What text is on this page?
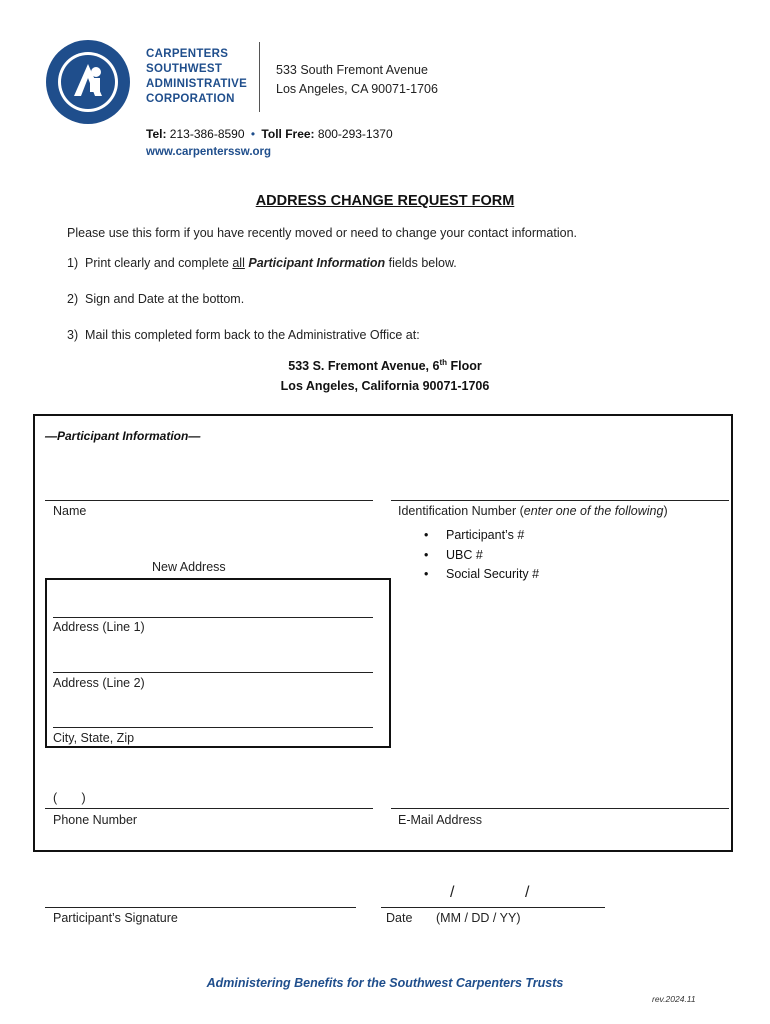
CARPENTERS
SOUTHWEST
ADMINISTRATIVE
CORPORATION
533 South Fremont Avenue
Los Angeles, CA 90071-1706
Tel: 213-386-8590 • Toll Free: 800-293-1370
www.carpenterssw.org
ADDRESS CHANGE REQUEST FORM
Please use this form if you have recently moved or need to change your contact information.
1)  Print clearly and complete all Participant Information fields below.
2)  Sign and Date at the bottom.
3)  Mail this completed form back to the Administrative Office at:
533 S. Fremont Avenue, 6th Floor
Los Angeles, California 90071-1706
—Participant Information—
Name	Identification Number (enter one of the following)
• Participant’s #
• UBC #
• Social Security #
New Address
Address (Line 1)
Address (Line 2)
City, State, Zip
(       )
Phone Number	E-Mail Address
Participant’s Signature
/	/
Date (MM / DD / YY)
Administering Benefits for the Southwest Carpenters Trusts
rev.2024.11
